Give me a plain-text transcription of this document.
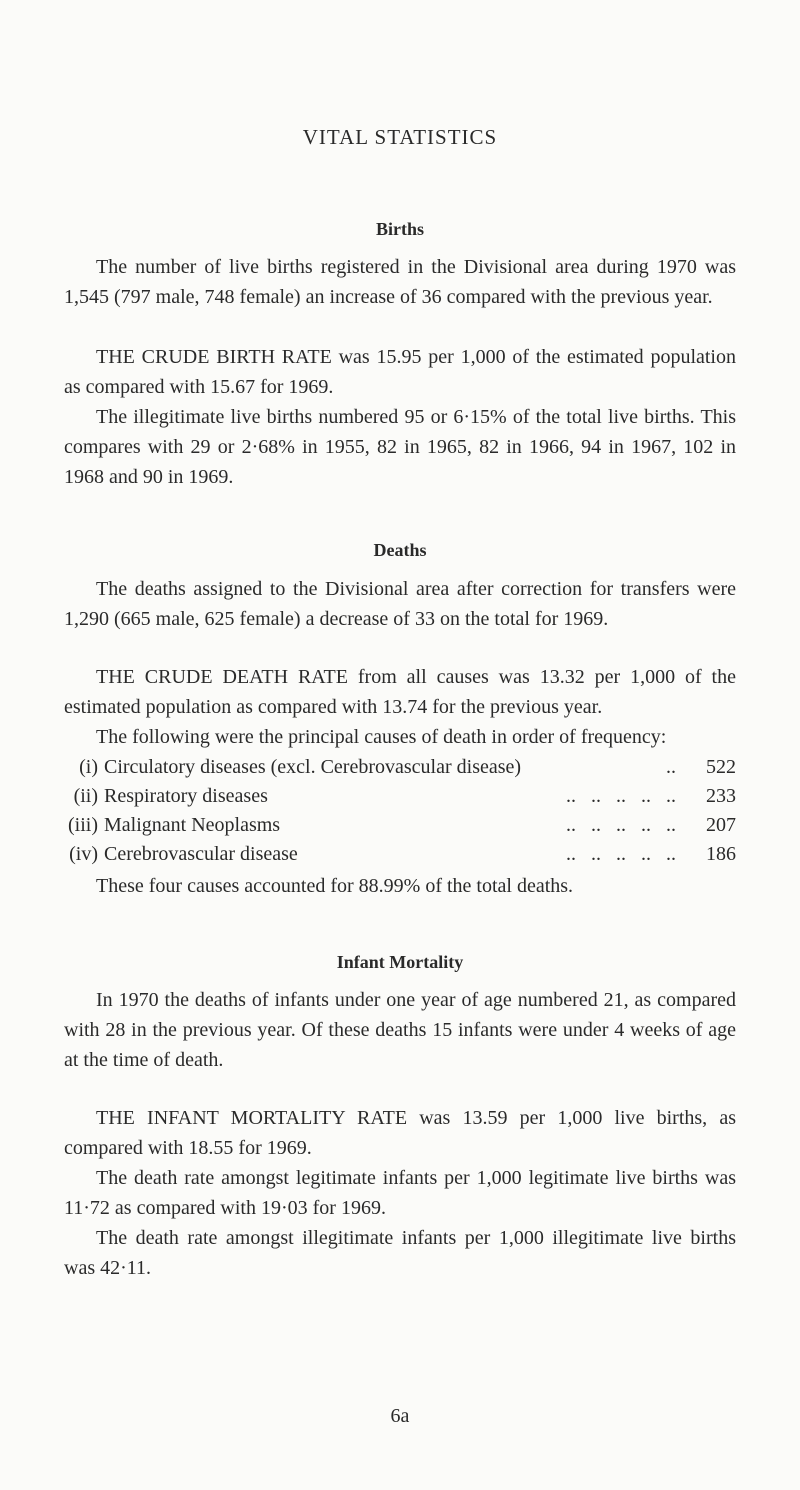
VITAL STATISTICS
Births

The number of live births registered in the Divisional area during 1970 was 1,545 (797 male, 748 female) an increase of 36 compared with the previous year.

THE CRUDE BIRTH RATE was 15.95 per 1,000 of the estimated population as compared with 15.67 for 1969.

The illegitimate live births numbered 95 or 6·15% of the total live births. This compares with 29 or 2·68% in 1955, 82 in 1965, 82 in 1966, 94 in 1967, 102 in 1968 and 90 in 1969.

Deaths

The deaths assigned to the Divisional area after correction for transfers were 1,290 (665 male, 625 female) a decrease of 33 on the total for 1969.

THE CRUDE DEATH RATE from all causes was 13.32 per 1,000 of the estimated population as compared with 13.74 for the previous year.

The following were the principal causes of death in order of frequency:
(i) Circulatory diseases (excl. Cerebrovascular disease)	..	522
(ii) Respiratory diseases	..   ..   ..   ..   ..	233
(iii) Malignant Neoplasms	..   ..   ..   ..   ..	207
(iv) Cerebrovascular disease	..   ..   ..   ..   ..	186
These four causes accounted for 88.99% of the total deaths.
Infant Mortality

In 1970 the deaths of infants under one year of age numbered 21, as compared with 28 in the previous year. Of these deaths 15 infants were under 4 weeks of age at the time of death.

THE INFANT MORTALITY RATE was 13.59 per 1,000 live births, as compared with 18.55 for 1969.

The death rate amongst legitimate infants per 1,000 legitimate live births was 11·72 as compared with 19·03 for 1969.

The death rate amongst illegitimate infants per 1,000 illegitimate live births was 42·11.

6a
